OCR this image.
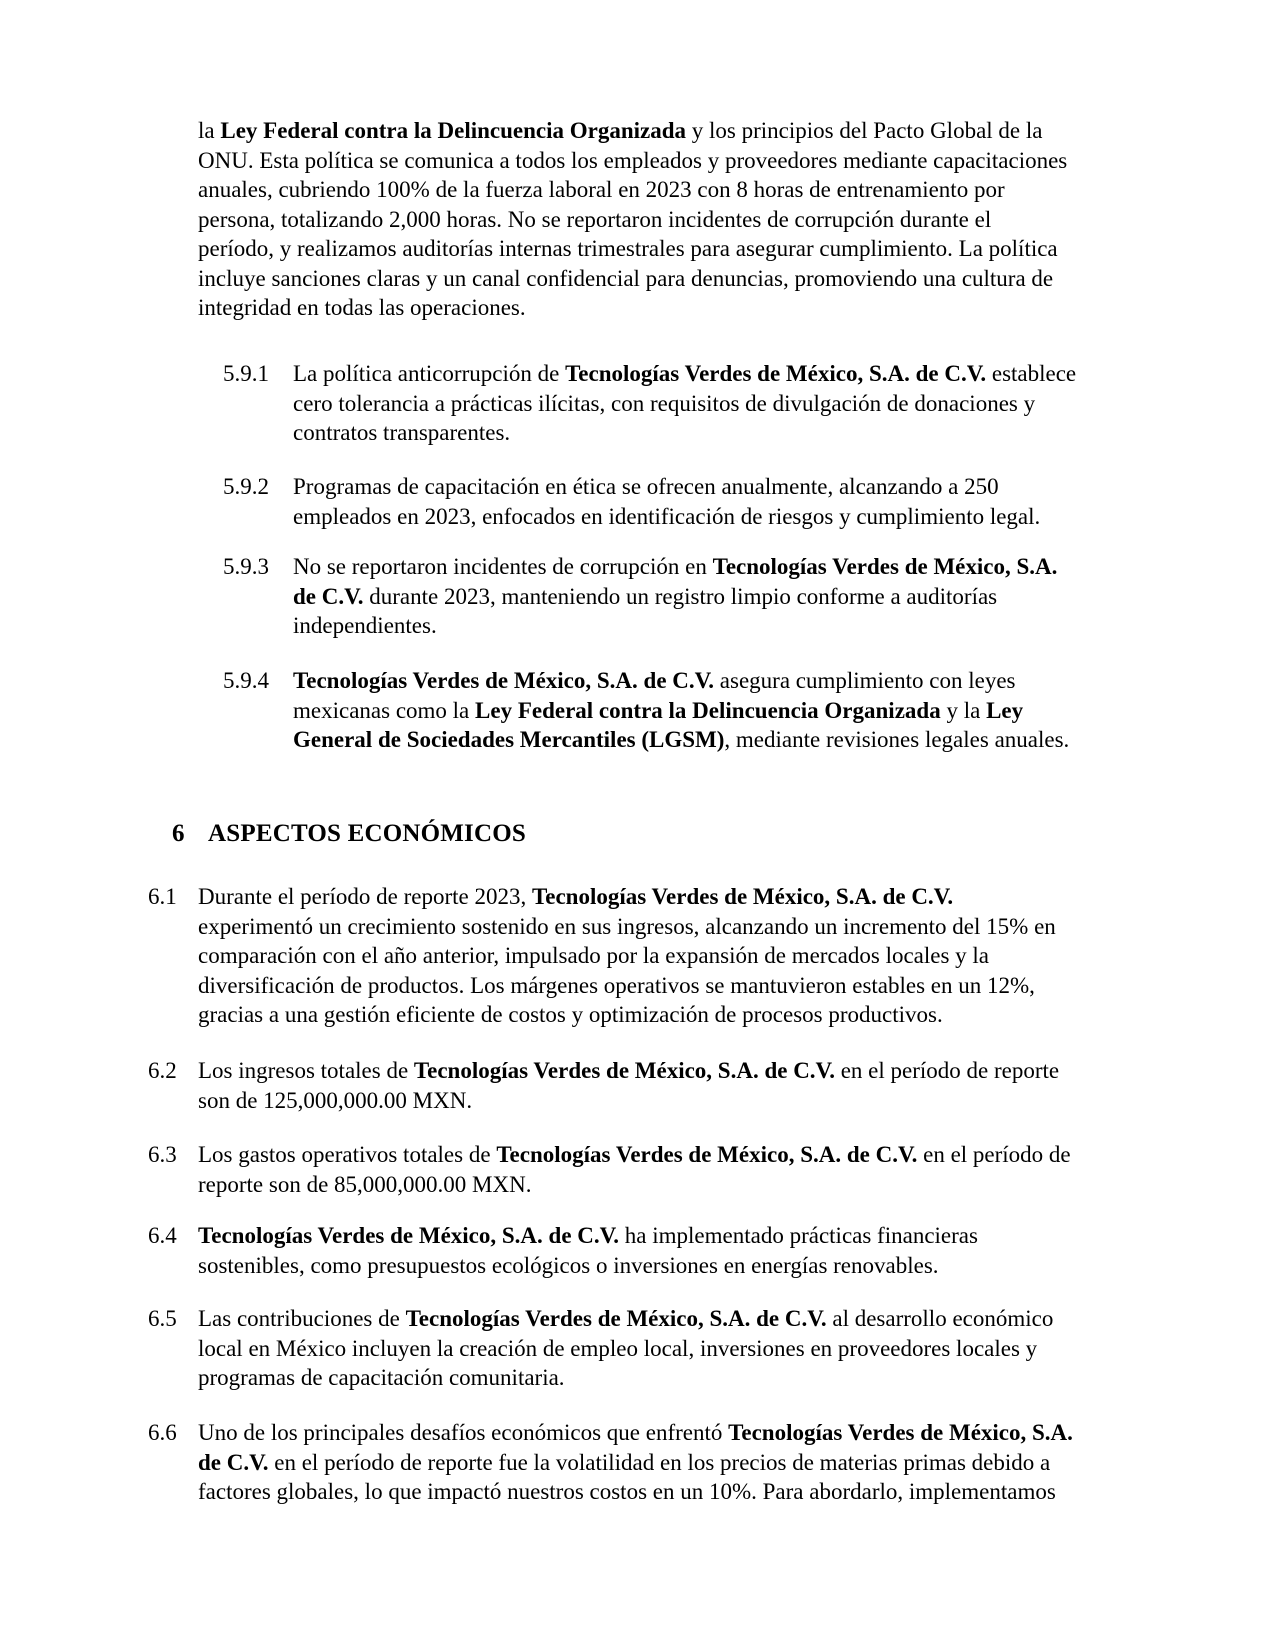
la Ley Federal contra la Delincuencia Organizada y los principios del Pacto Global de la
ONU. Esta política se comunica a todos los empleados y proveedores mediante capacitaciones
anuales, cubriendo 100% de la fuerza laboral en 2023 con 8 horas de entrenamiento por
persona, totalizando 2,000 horas. No se reportaron incidentes de corrupción durante el
período, y realizamos auditorías internas trimestrales para asegurar cumplimiento. La política
incluye sanciones claras y un canal confidencial para denuncias, promoviendo una cultura de
integridad en todas las operaciones.
5.9.1 La política anticorrupción de Tecnologías Verdes de México, S.A. de C.V. establece
cero tolerancia a prácticas ilícitas, con requisitos de divulgación de donaciones y
contratos transparentes.
5.9.2 Programas de capacitación en ética se ofrecen anualmente, alcanzando a 250
empleados en 2023, enfocados en identificación de riesgos y cumplimiento legal.
5.9.3 No se reportaron incidentes de corrupción en Tecnologías Verdes de México, S.A.
de C.V. durante 2023, manteniendo un registro limpio conforme a auditorías
independientes.
5.9.4 Tecnologías Verdes de México, S.A. de C.V. asegura cumplimiento con leyes
mexicanas como la Ley Federal contra la Delincuencia Organizada y la Ley
General de Sociedades Mercantiles (LGSM), mediante revisiones legales anuales.
6 ASPECTOS ECONÓMICOS
6.1 Durante el período de reporte 2023, Tecnologías Verdes de México, S.A. de C.V.
experimentó un crecimiento sostenido en sus ingresos, alcanzando un incremento del 15% en
comparación con el año anterior, impulsado por la expansión de mercados locales y la
diversificación de productos. Los márgenes operativos se mantuvieron estables en un 12%,
gracias a una gestión eficiente de costos y optimización de procesos productivos.
6.2 Los ingresos totales de Tecnologías Verdes de México, S.A. de C.V. en el período de reporte
son de 125,000,000.00 MXN.
6.3 Los gastos operativos totales de Tecnologías Verdes de México, S.A. de C.V. en el período de
reporte son de 85,000,000.00 MXN.
6.4 Tecnologías Verdes de México, S.A. de C.V. ha implementado prácticas financieras
sostenibles, como presupuestos ecológicos o inversiones en energías renovables.
6.5 Las contribuciones de Tecnologías Verdes de México, S.A. de C.V. al desarrollo económico
local en México incluyen la creación de empleo local, inversiones en proveedores locales y
programas de capacitación comunitaria.
6.6 Uno de los principales desafíos económicos que enfrentó Tecnologías Verdes de México, S.A.
de C.V. en el período de reporte fue la volatilidad en los precios de materias primas debido a
factores globales, lo que impactó nuestros costos en un 10%. Para abordarlo, implementamos
